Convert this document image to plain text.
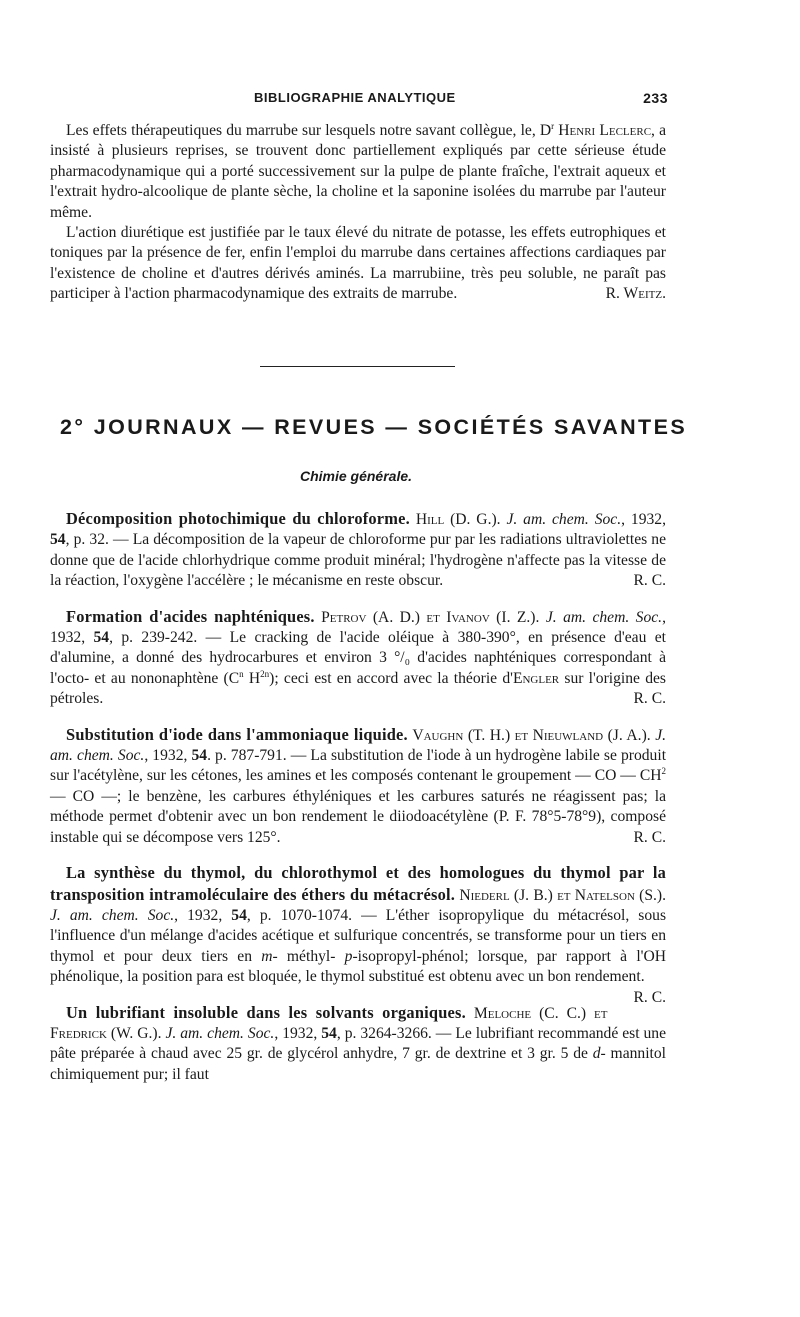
BIBLIOGRAPHIE ANALYTIQUE	233

Les effets thérapeutiques du marrube sur lesquels notre savant collègue, le, $D^r$ Henri Leclerc, a insisté à plusieurs reprises, se trouvent donc partiellement expliqués par cette sérieuse étude pharmacodynamique qui a porté successivement sur la pulpe de plante fraîche, l'extrait aqueux et l'extrait hydro-alcoolique de plante sèche, la choline et la saponine isolées du marrube par l'auteur même.

L'action diurétique est justifiée par le taux élevé du nitrate de potasse, les effets eutrophiques et toniques par la présence de fer, enfin l'emploi du marrube dans certaines affections cardiaques par l'existence de choline et d'autres dérivés aminés. La marrubiine, très peu soluble, ne paraît pas participer à l'action pharmacodynamique des extraits de marrube.	R. Weitz.

2° JOURNAUX — REVUES — SOCIÉTÉS SAVANTES
Chimie générale.

Décomposition photochimique du chloroforme. Hill (D. G.). J. am. chem. Soc., 1932, 54, p. 32. — La décomposition de la vapeur de chloroforme pur par les radiations ultraviolettes ne donne que de l'acide chlorhydrique comme produit minéral; l'hydrogène n'affecte pas la vitesse de la réaction, l'oxygène l'accélère ; le mécanisme en reste obscur.	R. C.

Formation d'acides naphténiques. Petrov (A. D.) et Ivanov (I. Z.). J. am. chem. Soc., 1932, 54, p. 239-242. — Le cracking de l'acide oléique à 380-390°, en présence d'eau et d'alumine, a donné des hydrocarbures et environ 3 °/₀ d'acides naphténiques correspondant à l'octo- et au nononaphtène ($C^n$ $H^{2n}$); ceci est en accord avec la théorie d'Engler sur l'origine des pétroles.	R. C.

Substitution d'iode dans l'ammoniaque liquide. Vaughn (T. H.) et Nieuwland (J. A.). J. am. chem. Soc., 1932, 54. p. 787-791. — La substitution de l'iode à un hydrogène labile se produit sur l'acétylène, sur les cétones, les amines et les composés contenant le groupement — CO — $CH^2$ — CO —; le benzène, les carbures éthyléniques et les carbures saturés ne réagissent pas; la méthode permet d'obtenir avec un bon rendement le diiodoacétylène (P. F. 78°5-78°9), composé instable qui se décompose vers 125°.	R. C.

La synthèse du thymol, du chlorothymol et des homologues du thymol par la transposition intramoléculaire des éthers du métacrésol. Niederl (J. B.) et Natelson (S.). J. am. chem. Soc., 1932, 54, p. 1070-1074. — L'éther isopropylique du métacrésol, sous l'influence d'un mélange d'acides acétique et sulfurique concentrés, se transforme pour un tiers en thymol et pour deux tiers en m- méthyl- p-isopropyl-phénol; lorsque, par rapport à l'OH phénolique, la position para est bloquée, le thymol substitué est obtenu avec un bon rendement.
R. C.

Un lubrifiant insoluble dans les solvants organiques. Meloche (C. C.) et Fredrick (W. G.). J. am. chem. Soc., 1932, 54, p. 3264-3266. — Le lubrifiant recommandé est une pâte préparée à chaud avec 25 gr. de glycérol anhydre, 7 gr. de dextrine et 3 gr. 5 de d- mannitol chimiquement pur; il faut
